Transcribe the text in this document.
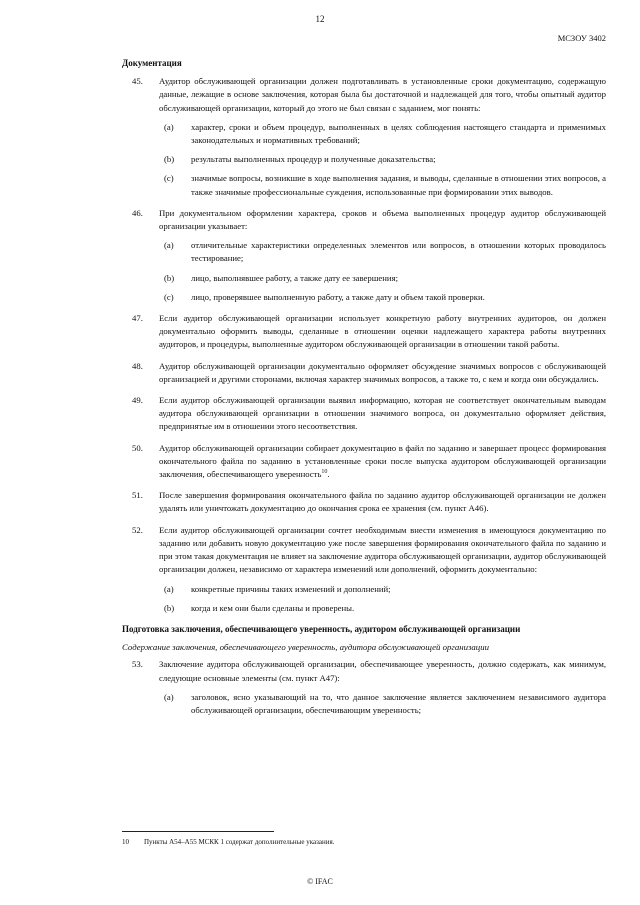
12
МСЗОУ 3402
Документация
45. Аудитор обслуживающей организации должен подготавливать в установленные сроки документацию, содержащую данные, лежащие в основе заключения, которая была бы достаточной и надлежащей для того, чтобы опытный аудитор обслуживающей организации, который до этого не был связан с заданием, мог понять:
(a) характер, сроки и объем процедур, выполненных в целях соблюдения настоящего стандарта и применимых законодательных и нормативных требований;
(b) результаты выполненных процедур и полученные доказательства;
(c) значимые вопросы, возникшие в ходе выполнения задания, и выводы, сделанные в отношении этих вопросов, а также значимые профессиональные суждения, использованные при формировании этих выводов.
46. При документальном оформлении характера, сроков и объема выполненных процедур аудитор обслуживающей организации указывает:
(a) отличительные характеристики определенных элементов или вопросов, в отношении которых проводилось тестирование;
(b) лицо, выполнявшее работу, а также дату ее завершения;
(c) лицо, проверявшее выполненную работу, а также дату и объем такой проверки.
47. Если аудитор обслуживающей организации использует конкретную работу внутренних аудиторов, он должен документально оформить выводы, сделанные в отношении оценки надлежащего характера работы внутренних аудиторов, и процедуры, выполненные аудитором обслуживающей организации в отношении такой работы.
48. Аудитор обслуживающей организации документально оформляет обсуждение значимых вопросов с обслуживающей организацией и другими сторонами, включая характер значимых вопросов, а также то, с кем и когда они обсуждались.
49. Если аудитор обслуживающей организации выявил информацию, которая не соответствует окончательным выводам аудитора обслуживающей организации в отношении значимого вопроса, он документально оформляет действия, предпринятые им в отношении этого несоответствия.
50. Аудитор обслуживающей организации собирает документацию в файл по заданию и завершает процесс формирования окончательного файла по заданию в установленные сроки после выпуска аудитором обслуживающей организации заключения, обеспечивающего уверенность$^{10}$.
51. После завершения формирования окончательного файла по заданию аудитор обслуживающей организации не должен удалять или уничтожать документацию до окончания срока ее хранения (см. пункт А46).
52. Если аудитор обслуживающей организации сочтет необходимым внести изменения в имеющуюся документацию по заданию или добавить новую документацию уже после завершения формирования окончательного файла по заданию и при этом такая документация не влияет на заключение аудитора обслуживающей организации, аудитор обслуживающей организации должен, независимо от характера изменений или дополнений, оформить документально:
(a) конкретные причины таких изменений и дополнений;
(b) когда и кем они были сделаны и проверены.
Подготовка заключения, обеспечивающего уверенность, аудитором обслуживающей организации
Содержание заключения, обеспечивающего уверенность, аудитора обслуживающей организации
53. Заключение аудитора обслуживающей организации, обеспечивающее уверенность, должно содержать, как минимум, следующие основные элементы (см. пункт А47):
(a) заголовок, ясно указывающий на то, что данное заключение является заключением независимого аудитора обслуживающей организации, обеспечивающим уверенность;
10	Пункты А54–А55 МСКК 1 содержат дополнительные указания.
© IFAC
